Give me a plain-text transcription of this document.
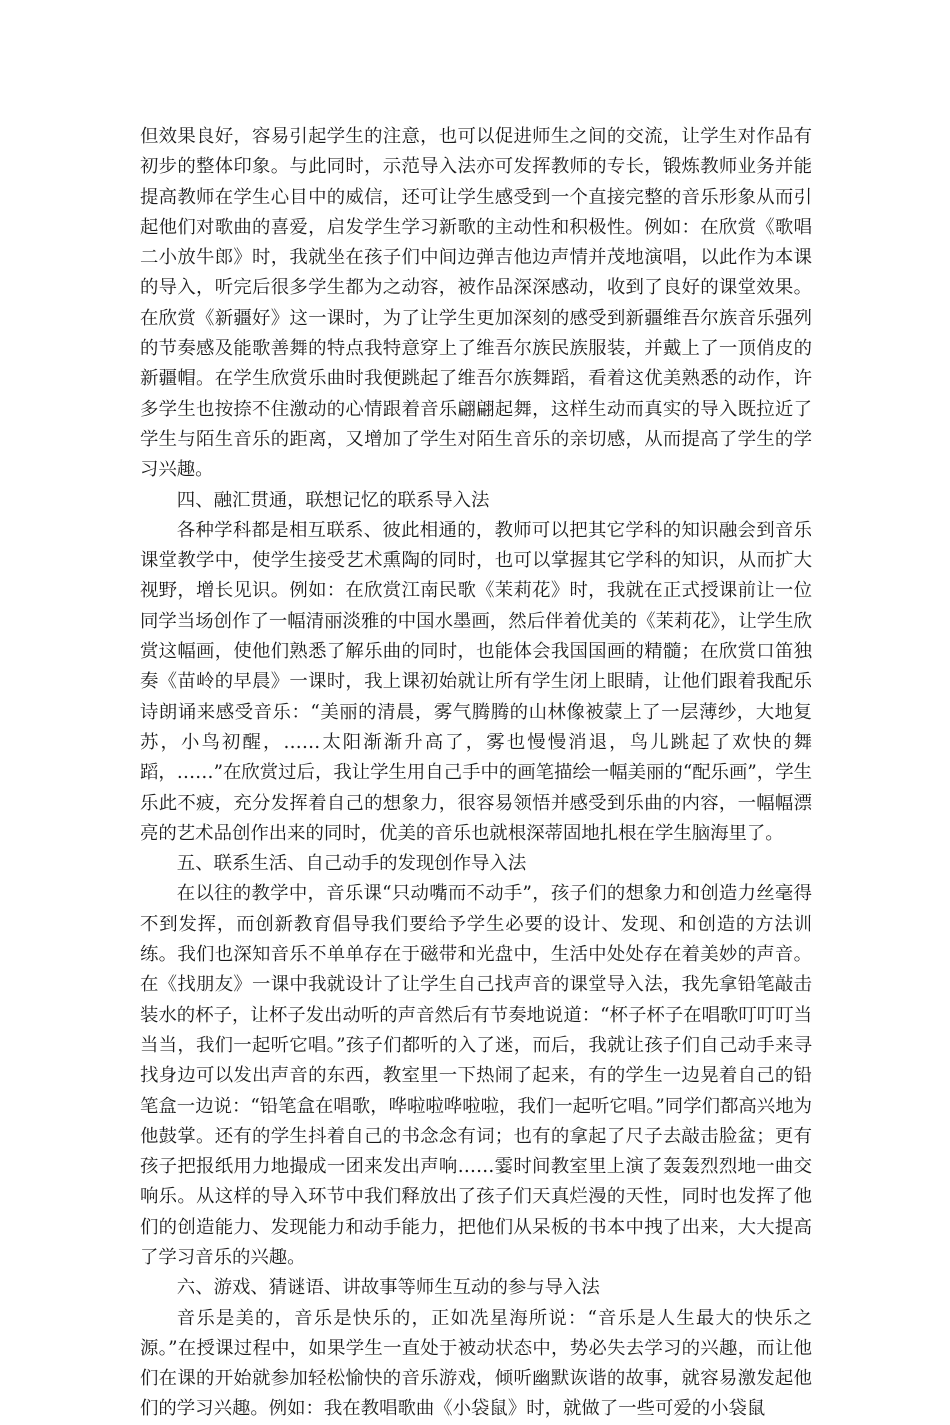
但效果良好，容易引起学生的注意，也可以促进师生之间的交流，让学生对作品有初步的整体印象。与此同时，示范导入法亦可发挥教师的专长，锻炼教师业务并能提高教师在学生心目中的威信，还可让学生感受到一个直接完整的音乐形象从而引起他们对歌曲的喜爱，启发学生学习新歌的主动性和积极性。例如：在欣赏《歌唱二小放牛郎》时，我就坐在孩子们中间边弹吉他边声情并茂地演唱，以此作为本课的导入，听完后很多学生都为之动容，被作品深深感动，收到了良好的课堂效果。在欣赏《新疆好》这一课时，为了让学生更加深刻的感受到新疆维吾尔族音乐强列的节奏感及能歌善舞的特点我特意穿上了维吾尔族民族服装，并戴上了一顶俏皮的新疆帽。在学生欣赏乐曲时我便跳起了维吾尔族舞蹈，看着这优美熟悉的动作，许多学生也按捺不住激动的心情跟着音乐翩翩起舞，这样生动而真实的导入既拉近了学生与陌生音乐的距离，又增加了学生对陌生音乐的亲切感，从而提高了学生的学习兴趣。

四、融汇贯通，联想记忆的联系导入法

各种学科都是相互联系、彼此相通的，教师可以把其它学科的知识融会到音乐课堂教学中，使学生接受艺术熏陶的同时，也可以掌握其它学科的知识，从而扩大视野，增长见识。例如：在欣赏江南民歌《茉莉花》时，我就在正式授课前让一位同学当场创作了一幅清丽淡雅的中国水墨画，然后伴着优美的《茉莉花》，让学生欣赏这幅画，使他们熟悉了解乐曲的同时，也能体会我国国画的精髓；在欣赏口笛独奏《苗岭的早晨》一课时，我上课初始就让所有学生闭上眼睛，让他们跟着我配乐诗朗诵来感受音乐：“美丽的清晨，雾气腾腾的山林像被蒙上了一层薄纱，大地复苏，小鸟初醒，……太阳渐渐升高了，雾也慢慢消退，鸟儿跳起了欢快的舞蹈，……”在欣赏过后，我让学生用自己手中的画笔描绘一幅美丽的“配乐画”，学生乐此不疲，充分发挥着自己的想象力，很容易领悟并感受到乐曲的内容，一幅幅漂亮的艺术品创作出来的同时，优美的音乐也就根深蒂固地扎根在学生脑海里了。

五、联系生活、自己动手的发现创作导入法

在以往的教学中，音乐课“只动嘴而不动手”，孩子们的想象力和创造力丝毫得不到发挥，而创新教育倡导我们要给予学生必要的设计、发现、和创造的方法训练。我们也深知音乐不单单存在于磁带和光盘中，生活中处处存在着美妙的声音。在《找朋友》一课中我就设计了让学生自己找声音的课堂导入法，我先拿铅笔敲击装水的杯子，让杯子发出动听的声音然后有节奏地说道：“杯子杯子在唱歌叮叮叮当当当，我们一起听它唱。”孩子们都听的入了迷，而后，我就让孩子们自己动手来寻找身边可以发出声音的东西，教室里一下热闹了起来，有的学生一边晃着自己的铅笔盒一边说：“铅笔盒在唱歌，哗啦啦哗啦啦，我们一起听它唱。”同学们都高兴地为他鼓掌。还有的学生抖着自己的书念念有词；也有的拿起了尺子去敲击脸盆；更有孩子把报纸用力地撮成一团来发出声响……霎时间教室里上演了轰轰烈烈地一曲交响乐。从这样的导入环节中我们释放出了孩子们天真烂漫的天性，同时也发挥了他们的创造能力、发现能力和动手能力，把他们从呆板的书本中拽了出来，大大提高了学习音乐的兴趣。

六、游戏、猜谜语、讲故事等师生互动的参与导入法

音乐是美的，音乐是快乐的，正如冼星海所说：“音乐是人生最大的快乐之源。”在授课过程中，如果学生一直处于被动状态中，势必失去学习的兴趣，而让他们在课的开始就参加轻松愉快的音乐游戏，倾听幽默诙谐的故事，就容易激发起他们的学习兴趣。例如：我在教唱歌曲《小袋鼠》时，就做了一些可爱的小袋鼠
